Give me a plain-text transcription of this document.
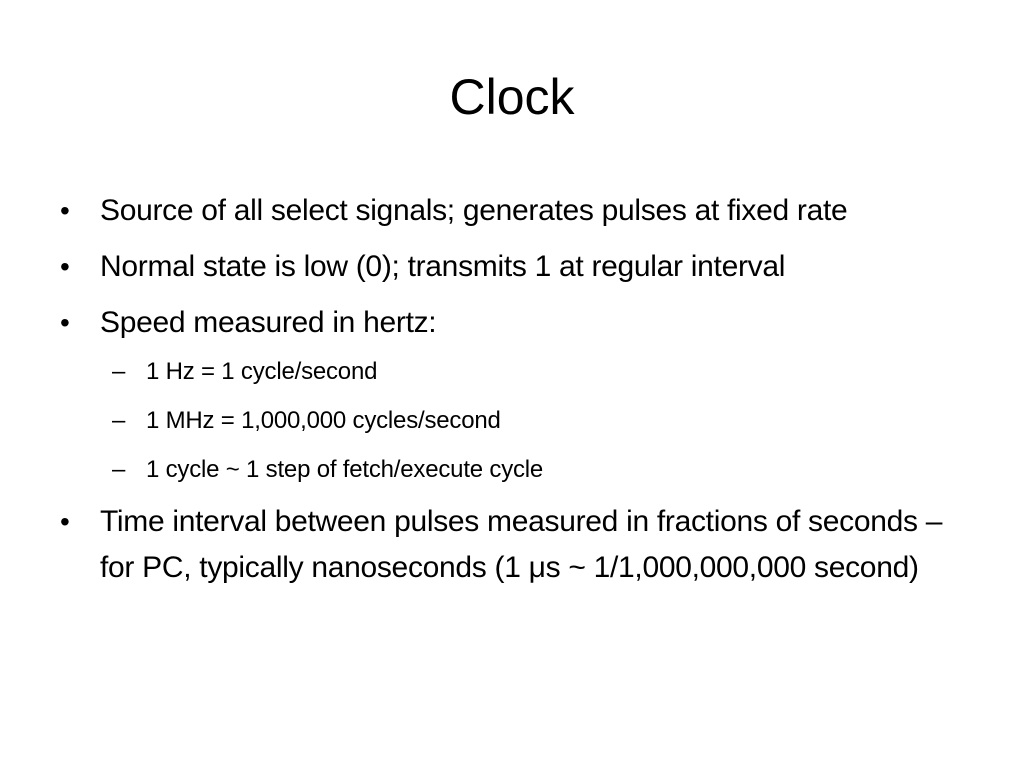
Clock
• Source of all select signals; generates pulses at fixed rate
• Normal state is low (0); transmits 1 at regular interval
• Speed measured in hertz:
– 1 Hz = 1 cycle/second
– 1 MHz = 1,000,000 cycles/second
– 1 cycle ~ 1 step of fetch/execute cycle
• Time interval between pulses measured in fractions of seconds – for PC, typically nanoseconds (1 μs ~ 1/1,000,000,000 second)
